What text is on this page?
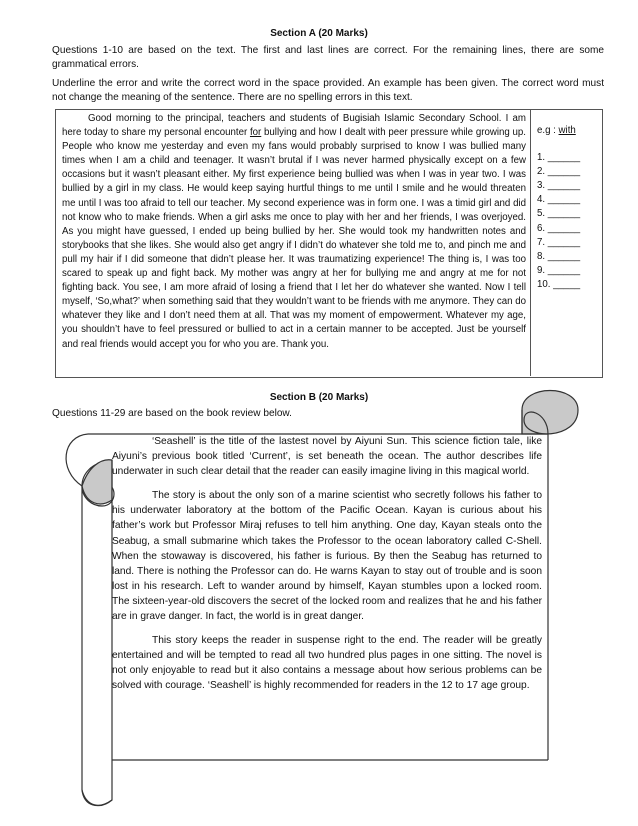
Section A (20 Marks)
Questions 1-10 are based on the text. The first and last lines are correct. For the remaining lines, there are some grammatical errors.
Underline the error and write the correct word in the space provided. An example has been given. The correct word must not change the meaning of the sentence. There are no spelling errors in this text.
Good morning to the principal, teachers and students of Bugisiah Islamic Secondary School. I am here today to share my personal encounter for bullying and how I dealt with peer pressure while growing up. People who know me yesterday and even my fans would probably surprised to know I was bullied many times when I am a child and teenager. It wasn’t brutal if I was never harmed physically except on a few occasions but it wasn’t pleasant either. My first experience being bullied was when I was in year two. I was bullied by a girl in my class. He would keep saying hurtful things to me until I smile and he would threaten me until I was too afraid to tell our teacher. My second experience was in form one. I was a timid girl and did not know who to make friends. When a girl asks me once to play with her and her friends, I was overjoyed. As you might have guessed, I ended up being bullied by her. She would took my handwritten notes and storybooks that she likes. She would also get angry if I didn’t do whatever she told me to, and pinch me and pull my hair if I did someone that didn’t please her. It was traumatizing experience! The thing is, I was too scared to speak up and fight back. My mother was angry at her for bullying me and angry at me for not fighting back. You see, I am more afraid of losing a friend that I let her do whatever she wanted. Now I tell myself, ‘So,what?’ when something said that they wouldn’t want to be friends with me anymore. They can do whatever they like and I don’t need them at all. That was my moment of empowerment. Whatever my age, you shouldn’t have to feel pressured or bullied to act in a certain manner to be accepted. Just be yourself and real friends would accept you for who you are. Thank you.
e.g : with
1. ______
2. ______
3. ______
4. ______
5. ______
6. ______
7. ______
8. ______
9. ______
10. _____
Section B (20 Marks)
Questions 11-29 are based on the book review below.

‘Seashell’ is the title of the lastest novel by Aiyuni Sun. This science fiction tale, like Aiyuni’s previous book titled ‘Current’, is set beneath the ocean. The author describes life underwater in such clear detail that the reader can easily imagine living in this magical world.

The story is about the only son of a marine scientist who secretly follows his father to his underwater laboratory at the bottom of the Pacific Ocean. Kayan is curious about his father’s work but Professor Miraj refuses to tell him anything. One day, Kayan steals onto the Seabug, a small submarine which takes the Professor to the ocean laboratory called C-Shell. When the stowaway is discovered, his father is furious. By then the Seabug has returned to land. There is nothing the Professor can do. He warns Kayan to stay out of trouble and is soon lost in his research. Left to wander around by himself, Kayan stumbles upon a locked room. The sixteen-year-old discovers the secret of the locked room and realizes that he and his father are in grave danger. In fact, the world is in great danger.

This story keeps the reader in suspense right to the end. The reader will be greatly entertained and will be tempted to read all two hundred plus pages in one sitting. The novel is not only enjoyable to read but it also contains a message about how serious problems can be solved with courage. ‘Seashell’ is highly recommended for readers in the 12 to 17 age group.
